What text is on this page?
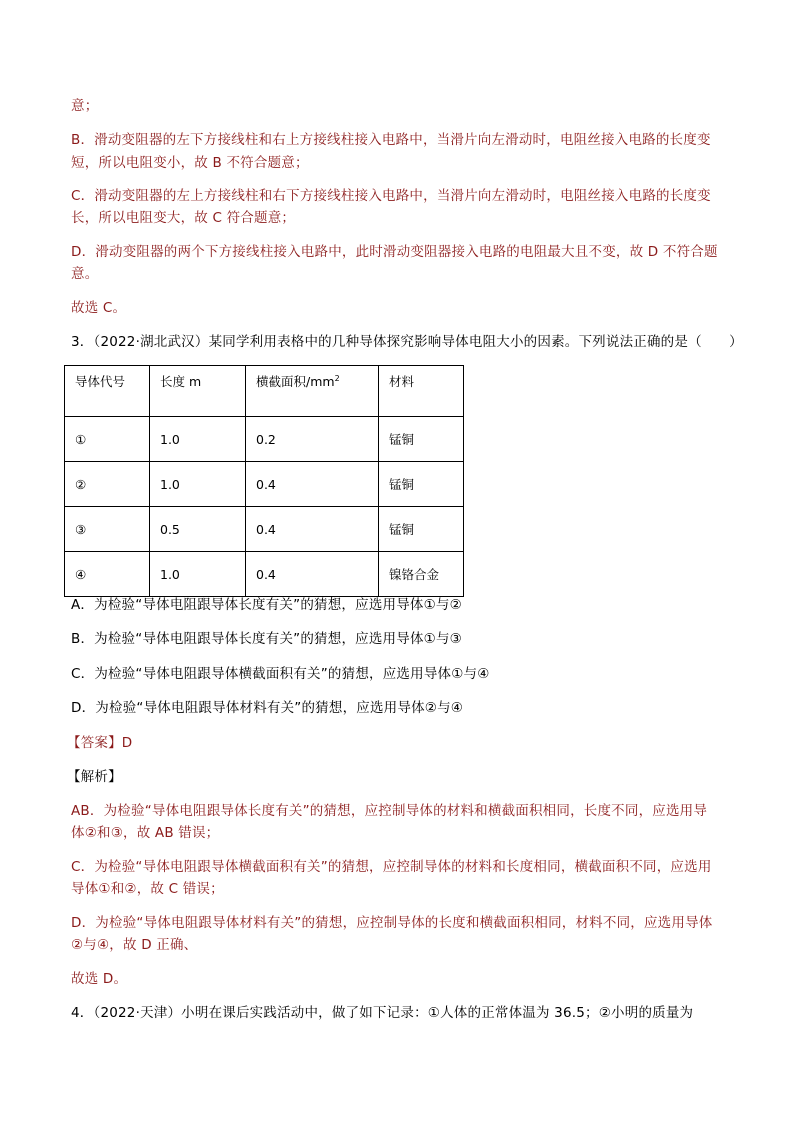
意；
B．滑动变阻器的左下方接线柱和右上方接线柱接入电路中，当滑片向左滑动时，电阻丝接入电路的长度变
短，所以电阻变小，故 B 不符合题意；
C．滑动变阻器的左上方接线柱和右下方接线柱接入电路中，当滑片向左滑动时，电阻丝接入电路的长度变
长，所以电阻变大，故 C 符合题意；
D．滑动变阻器的两个下方接线柱接入电路中，此时滑动变阻器接入电路的电阻最大且不变，故 D 不符合题
意。
故选 C。
3．（2022·湖北武汉）某同学利用表格中的几种导体探究影响导体电阻大小的因素。下列说法正确的是（　　）
导体代号	长度 m	横截面积$/mm^2$	材料
①	1.0	0.2	锰铜
②	1.0	0.4	锰铜
③	0.5	0.4	锰铜
④	1.0	0.4	镍铬合金
A．为检验“导体电阻跟导体长度有关”的猜想，应选用导体①与②
B．为检验“导体电阻跟导体长度有关”的猜想，应选用导体①与③
C．为检验“导体电阻跟导体横截面积有关”的猜想，应选用导体①与④
D．为检验“导体电阻跟导体材料有关”的猜想，应选用导体②与④
【答案】D
【解析】
AB．为检验“导体电阻跟导体长度有关”的猜想，应控制导体的材料和横截面积相同，长度不同，应选用导
体②和③，故 AB 错误；
C．为检验“导体电阻跟导体横截面积有关”的猜想，应控制导体的材料和长度相同，横截面积不同，应选用
导体①和②，故 C 错误；
D．为检验“导体电阻跟导体材料有关”的猜想，应控制导体的长度和横截面积相同，材料不同，应选用导体
②与④，故 D 正确、
故选 D。
4．（2022·天津）小明在课后实践活动中，做了如下记录：①人体的正常体温为 36.5；②小明的质量为
